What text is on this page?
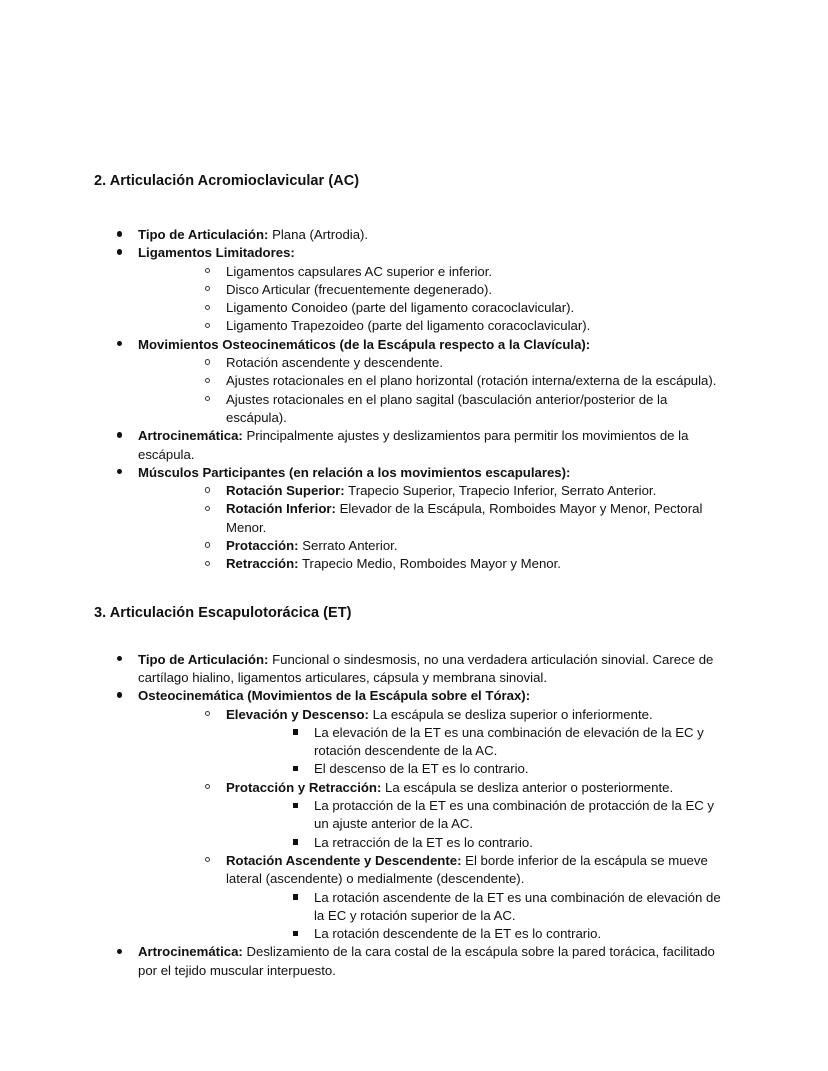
2. Articulación Acromioclavicular (AC)
Tipo de Articulación: Plana (Artrodia).
Ligamentos Limitadores:
Ligamentos capsulares AC superior e inferior.
Disco Articular (frecuentemente degenerado).
Ligamento Conoideo (parte del ligamento coracoclavicular).
Ligamento Trapezoideo (parte del ligamento coracoclavicular).
Movimientos Osteocinemáticos (de la Escápula respecto a la Clavícula):
Rotación ascendente y descendente.
Ajustes rotacionales en el plano horizontal (rotación interna/externa de la escápula).
Ajustes rotacionales en el plano sagital (basculación anterior/posterior de la escápula).
Artrocinemática: Principalmente ajustes y deslizamientos para permitir los movimientos de la escápula.
Músculos Participantes (en relación a los movimientos escapulares):
Rotación Superior: Trapecio Superior, Trapecio Inferior, Serrato Anterior.
Rotación Inferior: Elevador de la Escápula, Romboides Mayor y Menor, Pectoral Menor.
Protacción: Serrato Anterior.
Retracción: Trapecio Medio, Romboides Mayor y Menor.
3. Articulación Escapulotorácica (ET)
Tipo de Articulación: Funcional o sindesmosis, no una verdadera articulación sinovial. Carece de cartílago hialino, ligamentos articulares, cápsula y membrana sinovial.
Osteocinemática (Movimientos de la Escápula sobre el Tórax):
Elevación y Descenso: La escápula se desliza superior o inferiormente.
La elevación de la ET es una combinación de elevación de la EC y rotación descendente de la AC.
El descenso de la ET es lo contrario.
Protacción y Retracción: La escápula se desliza anterior o posteriormente.
La protacción de la ET es una combinación de protacción de la EC y un ajuste anterior de la AC.
La retracción de la ET es lo contrario.
Rotación Ascendente y Descendente: El borde inferior de la escápula se mueve lateral (ascendente) o medialmente (descendente).
La rotación ascendente de la ET es una combinación de elevación de la EC y rotación superior de la AC.
La rotación descendente de la ET es lo contrario.
Artrocinemática: Deslizamiento de la cara costal de la escápula sobre la pared torácica, facilitado por el tejido muscular interpuesto.
